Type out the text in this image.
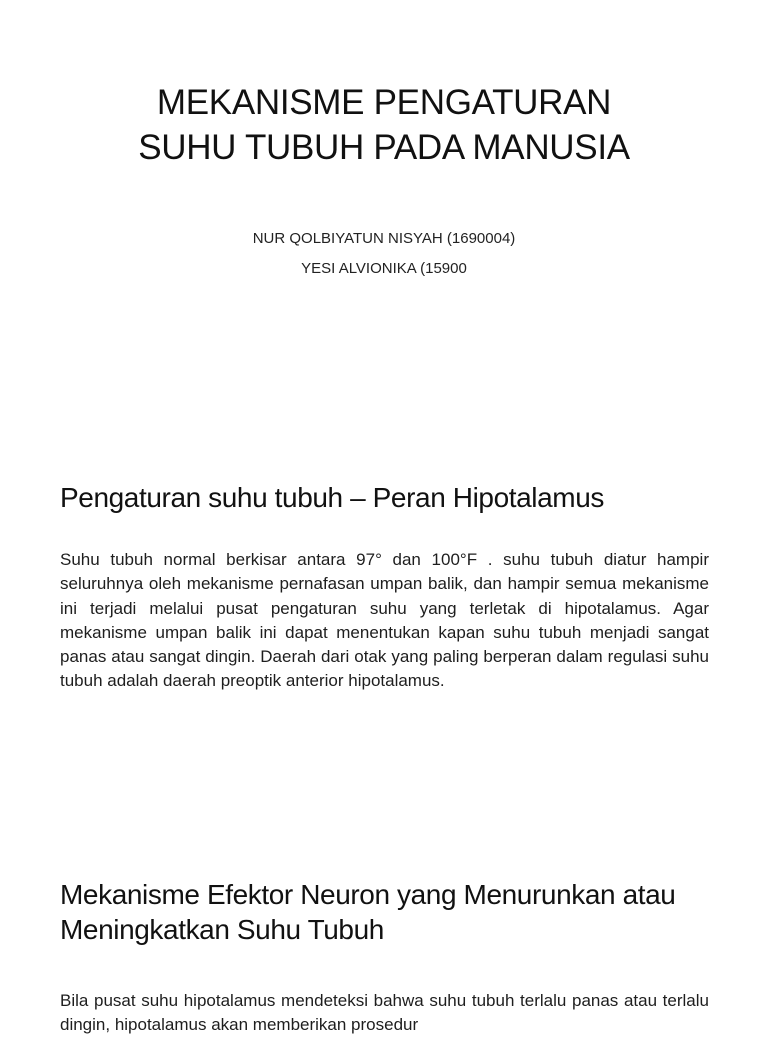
MEKANISME PENGATURAN
SUHU TUBUH PADA MANUSIA
NUR QOLBIYATUN NISYAH (1690004)
YESI ALVIONIKA (15900
Pengaturan suhu tubuh – Peran Hipotalamus

Suhu tubuh normal berkisar antara 97° dan 100°F . suhu tubuh diatur hampir seluruhnya oleh mekanisme pernafasan umpan balik, dan hampir semua mekanisme ini terjadi melalui pusat pengaturan suhu yang terletak di hipotalamus. Agar mekanisme umpan balik ini dapat menentukan kapan suhu tubuh menjadi sangat panas atau sangat dingin. Daerah dari otak yang paling berperan dalam regulasi suhu tubuh adalah daerah preoptik anterior hipotalamus.

Mekanisme Efektor Neuron yang Menurunkan atau
Meningkatkan Suhu Tubuh

Bila pusat suhu hipotalamus mendeteksi bahwa suhu tubuh terlalu panas atau terlalu dingin, hipotalamus akan memberikan prosedur
